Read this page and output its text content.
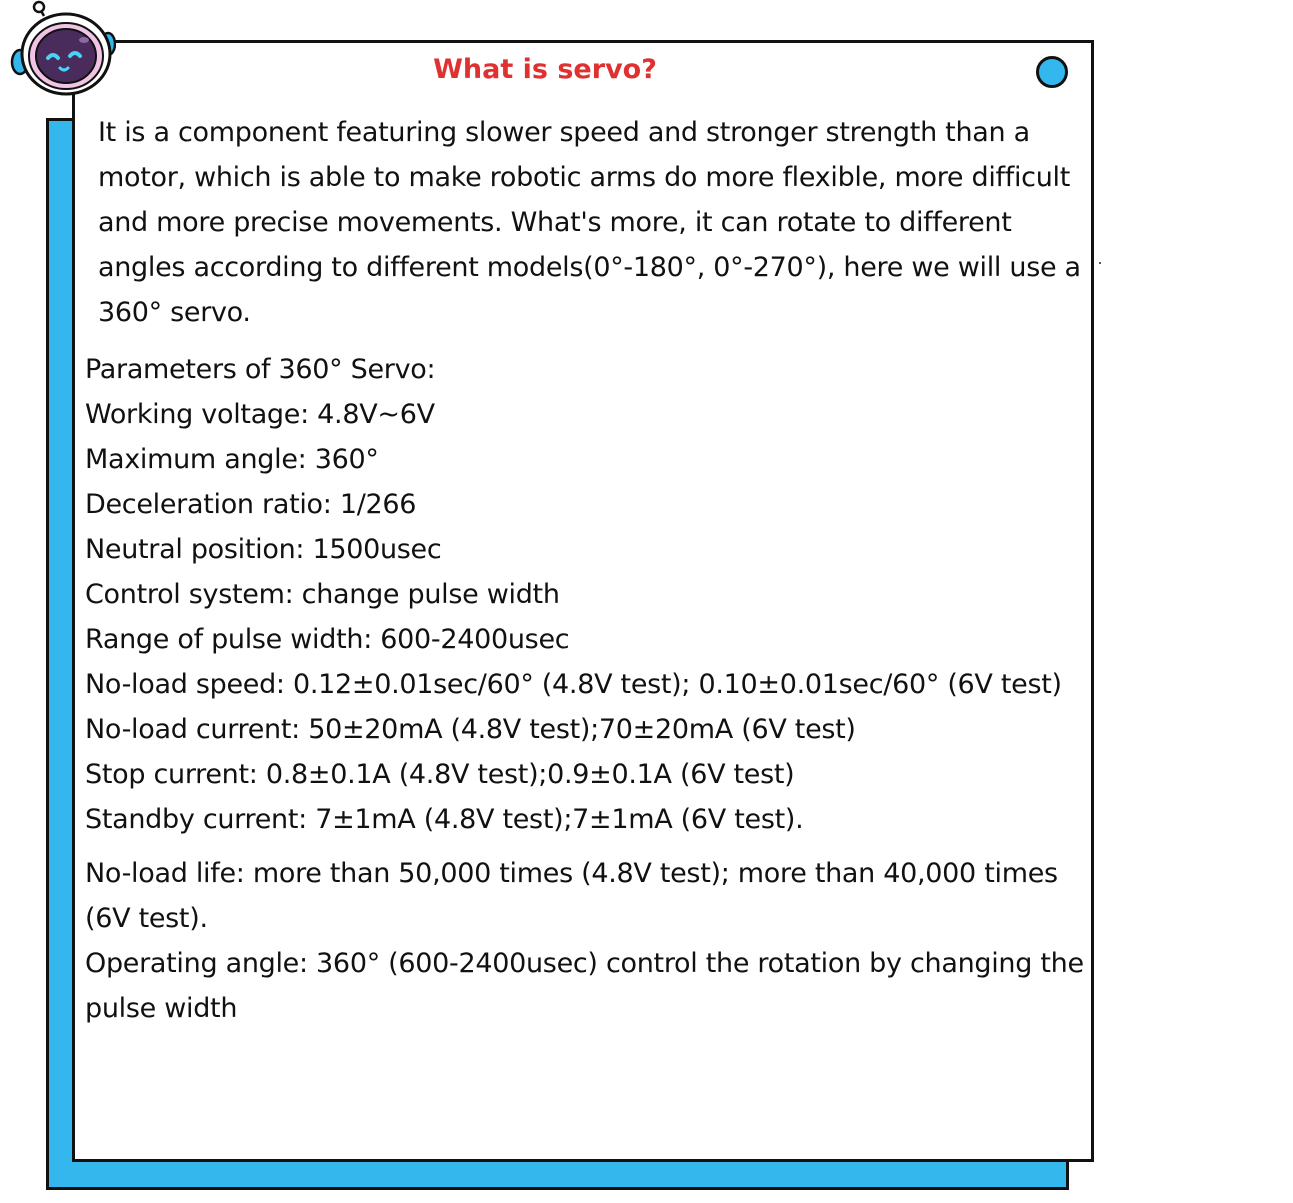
What is servo?

It is a component featuring slower speed and stronger strength than a motor, which is able to make robotic arms do more flexible, more difficult and more precise movements. What's more, it can rotate to different angles according to different models(0°-180°, 0°-270°), here we will use a 360° servo.

Parameters of 360° Servo:
Working voltage: 4.8V~6V
Maximum angle: 360°
Deceleration ratio: 1/266
Neutral position: 1500usec
Control system: change pulse width
Range of pulse width: 600-2400usec
No-load speed: 0.12±0.01sec/60° (4.8V test); 0.10±0.01sec/60° (6V test)
No-load current: 50±20mA (4.8V test);70±20mA (6V test)
Stop current: 0.8±0.1A (4.8V test);0.9±0.1A (6V test)
Standby current: 7±1mA (4.8V test);7±1mA (6V test).

No-load life: more than 50,000 times (4.8V test); more than 40,000 times (6V test).

Operating angle: 360° (600-2400usec) control the rotation by changing the pulse width
